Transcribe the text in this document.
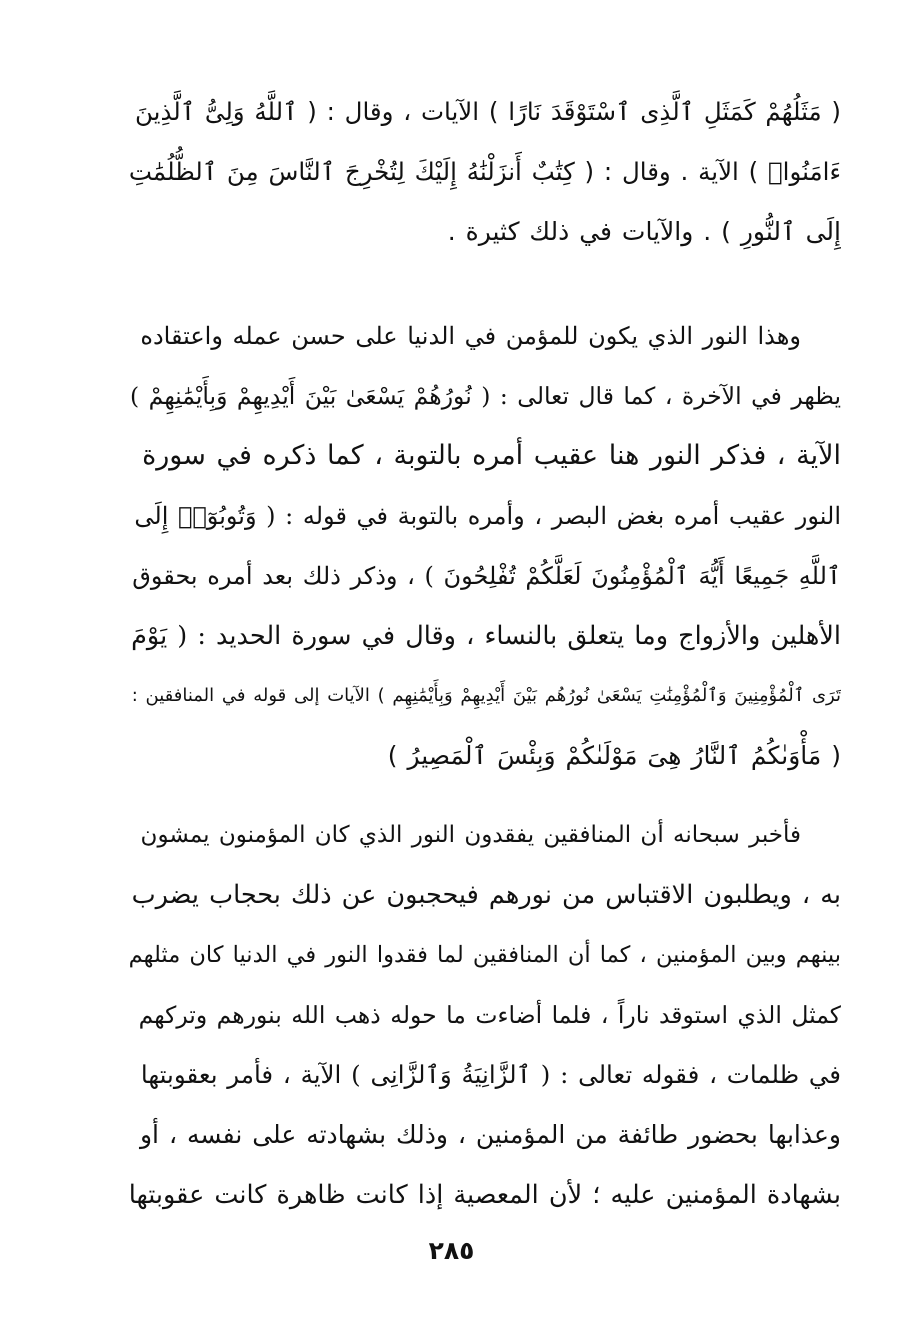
( مَثَلُهُمْ كَمَثَلِ ٱلَّذِى ٱسْتَوْقَدَ نَارًا ) الآيات ، وقال : ( ٱللَّهُ وَلِىُّ ٱلَّذِينَ
ءَامَنُوا۟ ) الآية . وقال : ( كِتَٰبٌ أَنزَلْنَٰهُ إِلَيْكَ لِتُخْرِجَ ٱلنَّاسَ مِنَ ٱلظُّلُمَٰتِ
إِلَى ٱلنُّورِ ) . والآيات في ذلك كثيرة .
وهذا النور الذي يكون للمؤمن في الدنيا على حسن عمله واعتقاده
يظهر في الآخرة ، كما قال تعالى : ( نُورُهُمْ يَسْعَىٰ بَيْنَ أَيْدِيهِمْ وَبِأَيْمَٰنِهِمْ )
الآية ، فذكر النور هنا عقيب أمره بالتوبة ، كما ذكره في سورة
النور عقيب أمره بغض البصر ، وأمره بالتوبة في قوله : ( وَتُوبُوٓا۟ إِلَى
ٱللَّهِ جَمِيعًا أَيُّهَ ٱلْمُؤْمِنُونَ لَعَلَّكُمْ تُفْلِحُونَ ) ، وذكر ذلك بعد أمره بحقوق
الأهلين والأزواج وما يتعلق بالنساء ، وقال في سورة الحديد : ( يَوْمَ
تَرَى ٱلْمُؤْمِنِينَ وَٱلْمُؤْمِنَٰتِ يَسْعَىٰ نُورُهُم بَيْنَ أَيْدِيهِمْ وَبِأَيْمَٰنِهِم ) الآيات إلى قوله في المنافقين :
( مَأْوَىٰكُمُ ٱلنَّارُ هِىَ مَوْلَىٰكُمْ وَبِئْسَ ٱلْمَصِيرُ )
فأخبر سبحانه أن المنافقين يفقدون النور الذي كان المؤمنون يمشون
به ، ويطلبون الاقتباس من نورهم فيحجبون عن ذلك بحجاب يضرب
بينهم وبين المؤمنين ، كما أن المنافقين لما فقدوا النور في الدنيا كان مثلهم
كمثل الذي استوقد ناراً ، فلما أضاءت ما حوله ذهب الله بنورهم وتركهم
في ظلمات ، فقوله تعالى : ( ٱلزَّانِيَةُ وَٱلزَّانِى ) الآية ، فأمر بعقوبتها
وعذابها بحضور طائفة من المؤمنين ، وذلك بشهادته على نفسه ، أو
بشهادة المؤمنين عليه ؛ لأن المعصية إذا كانت ظاهرة كانت عقوبتها
٢٨٥
